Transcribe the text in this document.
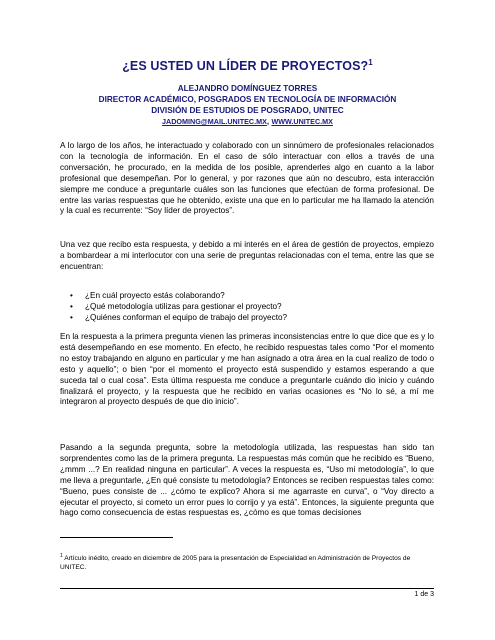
¿ES USTED UN LÍDER DE PROYECTOS?$^1$
ALEJANDRO DOMÍNGUEZ TORRES
DIRECTOR ACADÉMICO, POSGRADOS EN TECNOLOGÍA DE INFORMACIÓN
DIVISIÓN DE ESTUDIOS DE POSGRADO, UNITEC
JADOMING@MAIL.UNITEC.MX, WWW.UNITEC.MX
A lo largo de los años, he interactuado y colaborado con un sinnúmero de profesionales relacionados con la tecnología de información. En el caso de sólo interactuar con ellos a través de una conversación, he procurado, en la medida de los posible, aprenderles algo en cuanto a la labor profesional que desempeñan. Por lo general, y por razones que aún no descubro, esta interacción siempre me conduce a preguntarle cuáles son las funciones que efectúan de forma profesional. De entre las varias respuestas que he obtenido, existe una que en lo particular me ha llamado la atención y la cual es recurrente: “Soy líder de proyectos”.
Una vez que recibo esta respuesta, y debido a mi interés en el área de gestión de proyectos, empiezo a bombardear a mi interlocutor con una serie de preguntas relacionadas con el tema, entre las que se encuentran:
• ¿En cuál proyecto estás colaborando?
• ¿Qué metodología utilizas para gestionar el proyecto?
• ¿Quiénes conforman el equipo de trabajo del proyecto?
En la respuesta a la primera pregunta vienen las primeras inconsistencias entre lo que dice que es y lo está desempeñando en ese momento. En efecto, he recibido respuestas tales como “Por el momento no estoy trabajando en alguno en particular y me han asignado a otra área en la cual realizo de todo o esto y aquello”; o bien “por el momento el proyecto está suspendido y estamos esperando a que suceda tal o cual cosa”. Esta última respuesta me conduce a preguntarle cuándo dio inicio y cuándo finalizará el proyecto, y la respuesta que he recibido en varias ocasiones es “No lo sé, a mí me integraron al proyecto después de que dio inicio”.
Pasando a la segunda pregunta, sobre la metodología utilizada, las respuestas han sido tan sorprendentes como las de la primera pregunta. La respuestas más común que he recibido es “Bueno, ¿mmm ...? En realidad ninguna en particular”. A veces la respuesta es, “Uso mi metodología”, lo que me lleva a preguntarle, ¿En qué consiste tu metodología? Entonces se reciben respuestas tales como: “Bueno, pues consiste de ... ¿cómo te explico? Ahora si me agarraste en curva”, o “Voy directo a ejecutar el proyecto, si cometo un error pues lo corrijo y ya está”. Entonces, la siguiente pregunta que hago como consecuencia de estas respuestas es, ¿cómo es que tomas decisiones
$^1$ Artículo inédito, creado en diciembre de 2005 para la presentación de Especialidad en Administración de Proyectos de UNITEC.
1 de 3
